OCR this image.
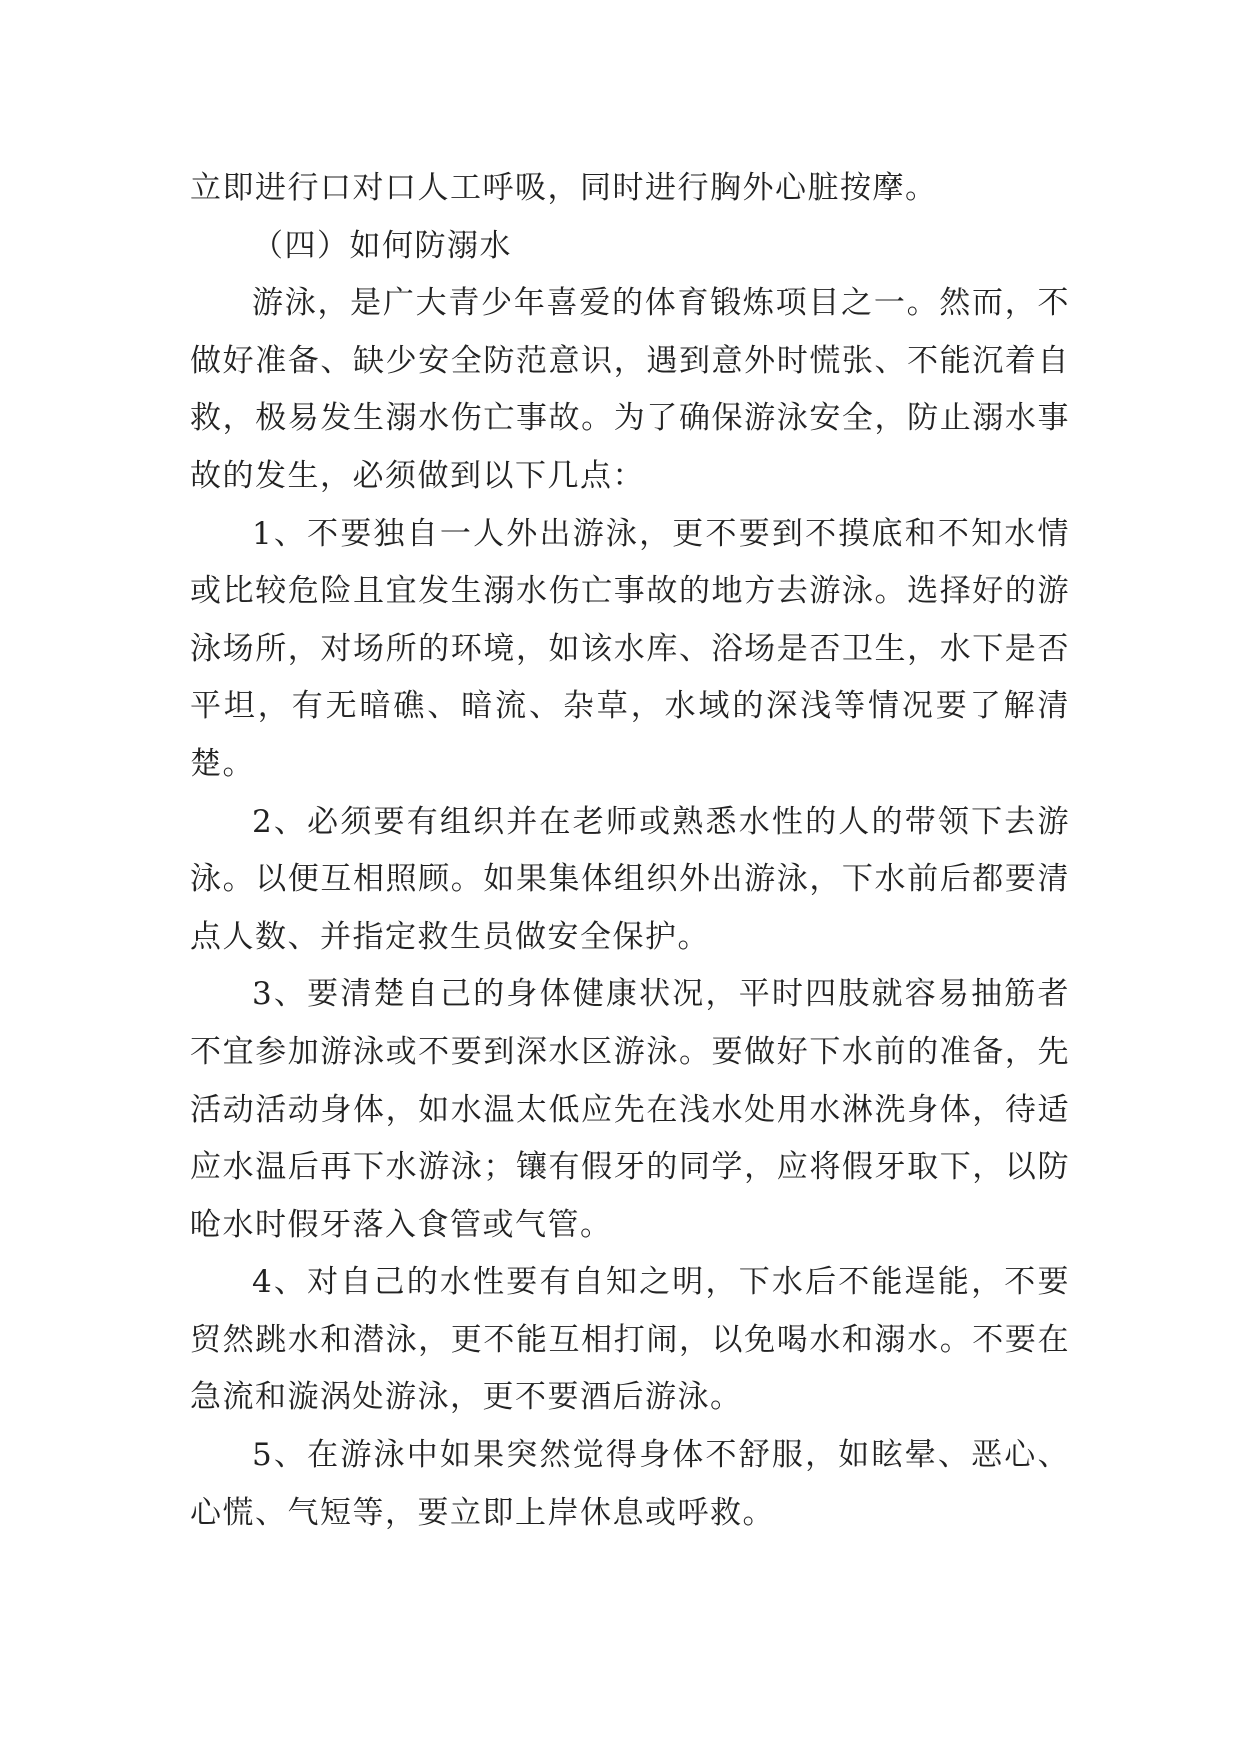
立即进行口对口人工呼吸，同时进行胸外心脏按摩。

（四）如何防溺水

游泳，是广大青少年喜爱的体育锻炼项目之一。然而，不做好准备、缺少安全防范意识，遇到意外时慌张、不能沉着自救，极易发生溺水伤亡事故。为了确保游泳安全，防止溺水事故的发生，必须做到以下几点：

1、不要独自一人外出游泳，更不要到不摸底和不知水情或比较危险且宜发生溺水伤亡事故的地方去游泳。选择好的游泳场所，对场所的环境，如该水库、浴场是否卫生，水下是否平坦，有无暗礁、暗流、杂草，水域的深浅等情况要了解清楚。

2、必须要有组织并在老师或熟悉水性的人的带领下去游泳。以便互相照顾。如果集体组织外出游泳，下水前后都要清点人数、并指定救生员做安全保护。

3、要清楚自己的身体健康状况，平时四肢就容易抽筋者不宜参加游泳或不要到深水区游泳。要做好下水前的准备，先活动活动身体，如水温太低应先在浅水处用水淋洗身体，待适应水温后再下水游泳；镶有假牙的同学，应将假牙取下，以防呛水时假牙落入食管或气管。

4、对自己的水性要有自知之明，下水后不能逞能，不要贸然跳水和潜泳，更不能互相打闹，以免喝水和溺水。不要在急流和漩涡处游泳，更不要酒后游泳。

5、在游泳中如果突然觉得身体不舒服，如眩晕、恶心、心慌、气短等，要立即上岸休息或呼救。
